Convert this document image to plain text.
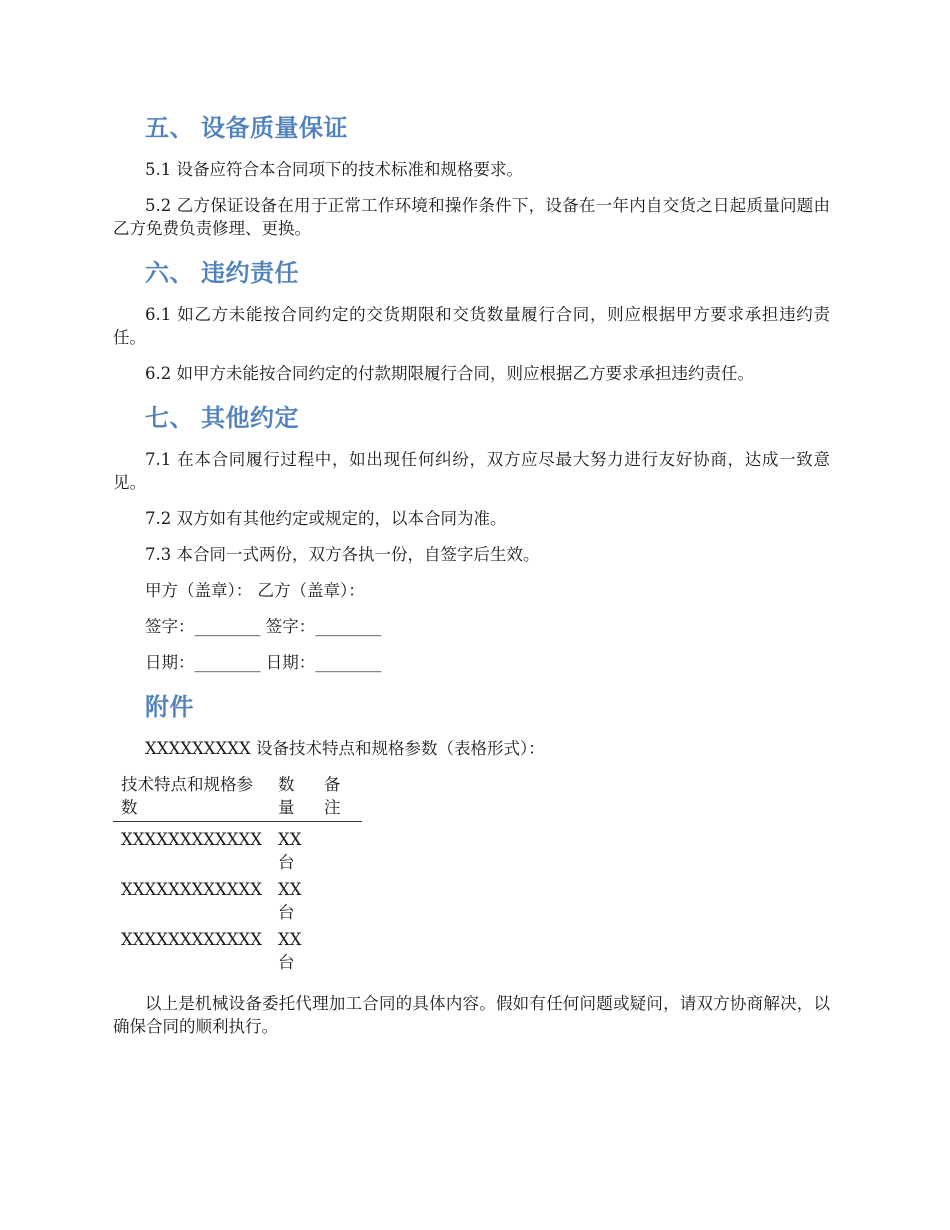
五、 设备质量保证

5.1 设备应符合本合同项下的技术标准和规格要求。

5.2 乙方保证设备在用于正常工作环境和操作条件下，设备在一年内自交货之日起质量问题由乙方免费负责修理、更换。

六、 违约责任

6.1 如乙方未能按合同约定的交货期限和交货数量履行合同，则应根据甲方要求承担违约责任。

6.2 如甲方未能按合同约定的付款期限履行合同，则应根据乙方要求承担违约责任。

七、 其他约定

7.1 在本合同履行过程中，如出现任何纠纷，双方应尽最大努力进行友好协商，达成一致意见。

7.2 双方如有其他约定或规定的，以本合同为准。

7.3 本合同一式两份，双方各执一份，自签字后生效。

甲方（盖章）： 乙方（盖章）：

签字：________ 签字：________

日期：________ 日期：________

附件

XXXXXXXXX 设备技术特点和规格参数（表格形式）：

技术特点和规格参数	数量	备注
XXXXXXXXXXXX	XX台	
XXXXXXXXXXXX	XX台	
XXXXXXXXXXXX	XX台	

以上是机械设备委托代理加工合同的具体内容。假如有任何问题或疑问，请双方协商解决，以确保合同的顺利执行。
